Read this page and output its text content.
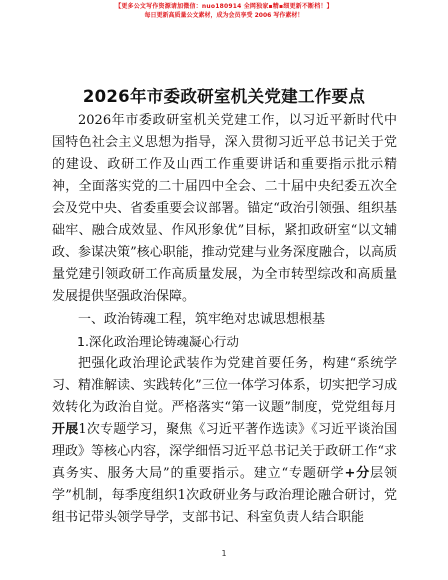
【更多公文写作资源请加微信：nuo180914 全网独家▪精▪细更新不断档！】
每日更新高质量公文素材，成为会员享受 2006 写作素材！
2026年市委政研室机关党建工作要点

2026年市委政研室机关党建工作，以习近平新时代中国特色社会主义思想为指导，深入贯彻习近平总书记关于党的建设、政研工作及山西工作重要讲话和重要指示批示精神，全面落实党的二十届四中全会、二十届中央纪委五次全会及党中央、省委重要会议部署。锚定“政治引领强、组织基础牢、融合成效显、作风形象优”目标，紧扣政研室“以文辅政、参谋决策”核心职能，推动党建与业务深度融合，以高质量党建引领政研工作高质量发展，为全市转型综改和高质量发展提供坚强政治保障。

一、政治铸魂工程，筑牢绝对忠诚思想根基

1.深化政治理论铸魂凝心行动

把强化政治理论武装作为党建首要任务，构建“系统学习、精准解读、实践转化”三位一体学习体系，切实把学习成效转化为政治自觉。严格落实“第一议题”制度，党党组每月开展1次专题学习，聚焦《习近平著作选读》《习近平谈治国理政》等核心内容，深学细悟习近平总书记关于政研工作“求真务实、服务大局”的重要指示。建立“专题研学+分层领学”机制，每季度组织1次政研业务与政治理论融合研讨，党组书记带头领学导学，支部书记、科室负责人结合职能

1
